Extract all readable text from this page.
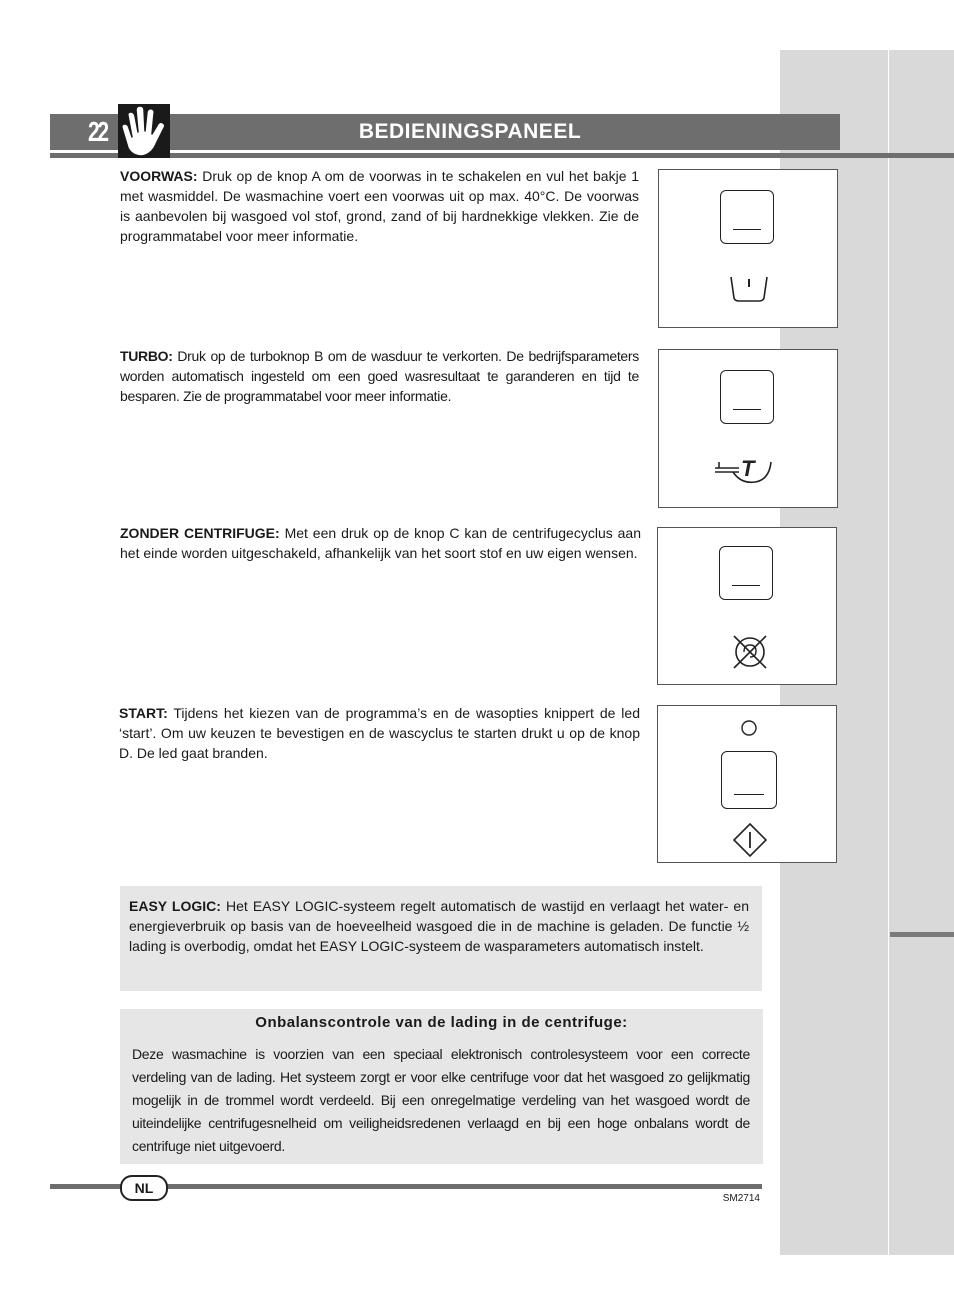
22	BEDIENINGSPANEEL
VOORWAS: Druk op de knop A om de voorwas in te schakelen en vul het bakje 1 met wasmiddel. De wasmachine voert een voorwas uit op max. 40°C. De voorwas is aanbevolen bij wasgoed vol stof, grond, zand of bij hardnekkige vlekken. Zie de programmatabel voor meer informatie.
TURBO: Druk op de turboknop B om de wasduur te verkorten. De bedrijfsparameters worden automatisch ingesteld om een goed wasresultaat te garanderen en tijd te besparen. Zie de programmatabel voor meer informatie.
T
ZONDER CENTRIFUGE: Met een druk op de knop C kan de centrifugecyclus aan het einde worden uitgeschakeld, afhankelijk van het soort stof en uw eigen wensen.
START: Tijdens het kiezen van de programma’s en de wasopties knippert de led ‘start’. Om uw keuzen te bevestigen en de wascyclus te starten drukt u op de knop D. De led gaat branden.
EASY LOGIC: Het EASY LOGIC-systeem regelt automatisch de wastijd en verlaagt het water- en energieverbruik op basis van de hoeveelheid wasgoed die in de machine is geladen. De functie ½ lading is overbodig, omdat het EASY LOGIC-systeem de wasparameters automatisch instelt.
Onbalanscontrole van de lading in de centrifuge:
Deze wasmachine is voorzien van een speciaal elektronisch controlesysteem voor een correcte verdeling van de lading. Het systeem zorgt er voor elke centrifuge voor dat het wasgoed zo gelijkmatig mogelijk in de trommel wordt verdeeld. Bij een onregelmatige verdeling van het wasgoed wordt de uiteindelijke centrifugesnelheid om veiligheidsredenen verlaagd en bij een hoge onbalans wordt de centrifuge niet uitgevoerd.
NL
SM2714
